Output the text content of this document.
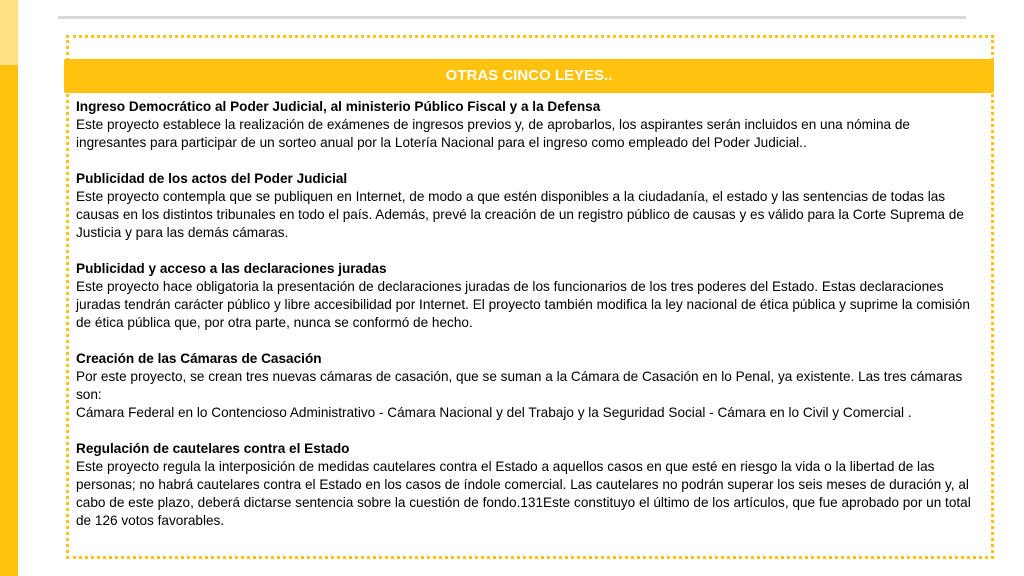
OTRAS CINCO LEYES..
Ingreso Democrático al Poder Judicial, al ministerio Público Fiscal y a la Defensa
Este proyecto establece la realización de exámenes de ingresos previos y, de aprobarlos, los aspirantes serán incluidos en una nómina de ingresantes para participar de un sorteo anual por la Lotería Nacional para el ingreso como empleado del Poder Judicial..
Publicidad de los actos del Poder Judicial
Este proyecto contempla que se publiquen en Internet, de modo a que estén disponibles a la ciudadanía, el estado y las sentencias de todas las causas en los distintos tribunales en todo el país. Además, prevé la creación de un registro público de causas y es válido para la Corte Suprema de Justicia y para las demás cámaras.
Publicidad y acceso a las declaraciones juradas
Este proyecto hace obligatoria la presentación de declaraciones juradas de los funcionarios de los tres poderes del Estado. Estas declaraciones juradas tendrán carácter público y libre accesibilidad por Internet. El proyecto también modifica la ley nacional de ética pública y suprime la comisión de ética pública que, por otra parte, nunca se conformó de hecho.
Creación de las Cámaras de Casación
Por este proyecto, se crean tres nuevas cámaras de casación, que se suman a la Cámara de Casación en lo Penal, ya existente. Las tres cámaras son:
Cámara Federal en lo Contencioso Administrativo - Cámara Nacional y del Trabajo y la Seguridad Social - Cámara en lo Civil y Comercial .
Regulación de cautelares contra el Estado
Este proyecto regula la interposición de medidas cautelares contra el Estado a aquellos casos en que esté en riesgo la vida o la libertad de las personas; no habrá cautelares contra el Estado en los casos de índole comercial. Las cautelares no podrán superar los seis meses de duración y, al cabo de este plazo, deberá dictarse sentencia sobre la cuestión de fondo.131Este constituyo el último de los artículos, que fue aprobado por un total de 126 votos favorables.
